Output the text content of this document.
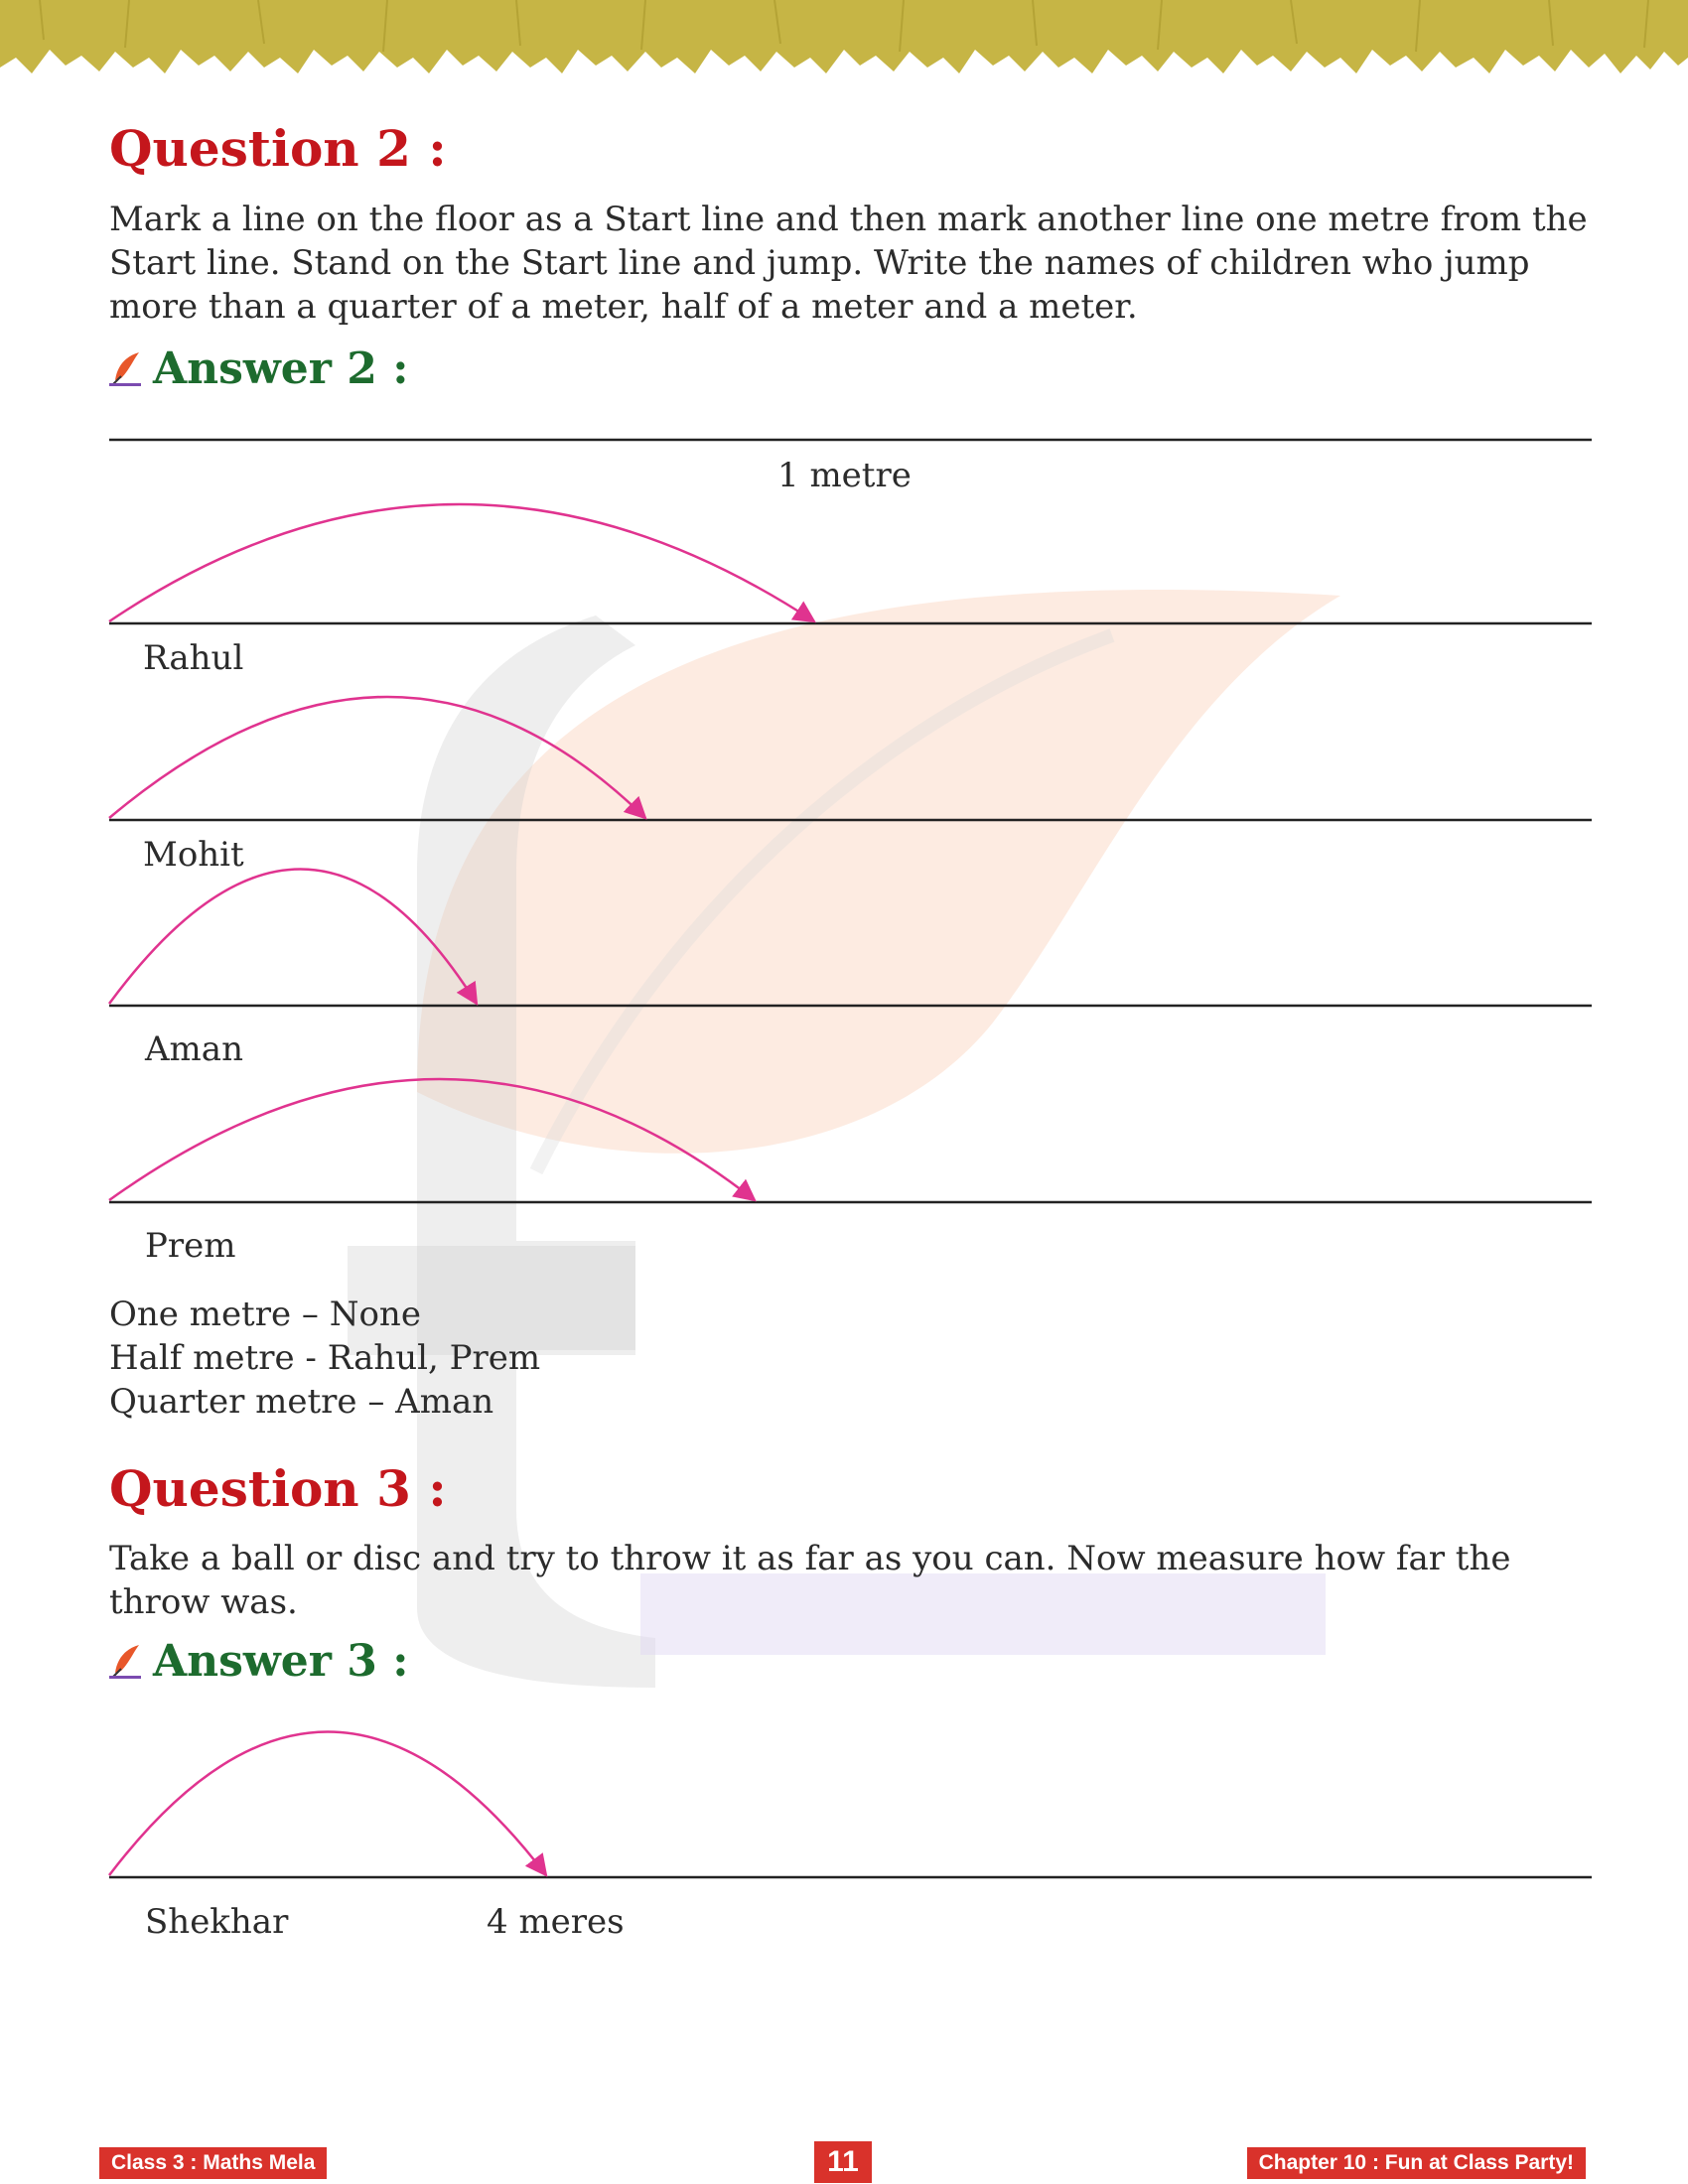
Question 2 :

Mark a line on the floor as a Start line and then mark another line one metre from the Start line. Stand on the Start line and jump. Write the names of children who jump more than a quarter of a meter, half of a meter and a meter.

Answer 2 :
1 metre
Rahul
Mohit
Aman
Prem
One metre – None
Half metre - Rahul, Prem
Quarter metre – Aman
Question 3 :

Take a ball or disc and try to throw it as far as you can. Now measure how far the throw was.

Answer 3 :
Shekhar	4 meres
Class 3 : Maths Mela	11	Chapter 10 : Fun at Class Party!
